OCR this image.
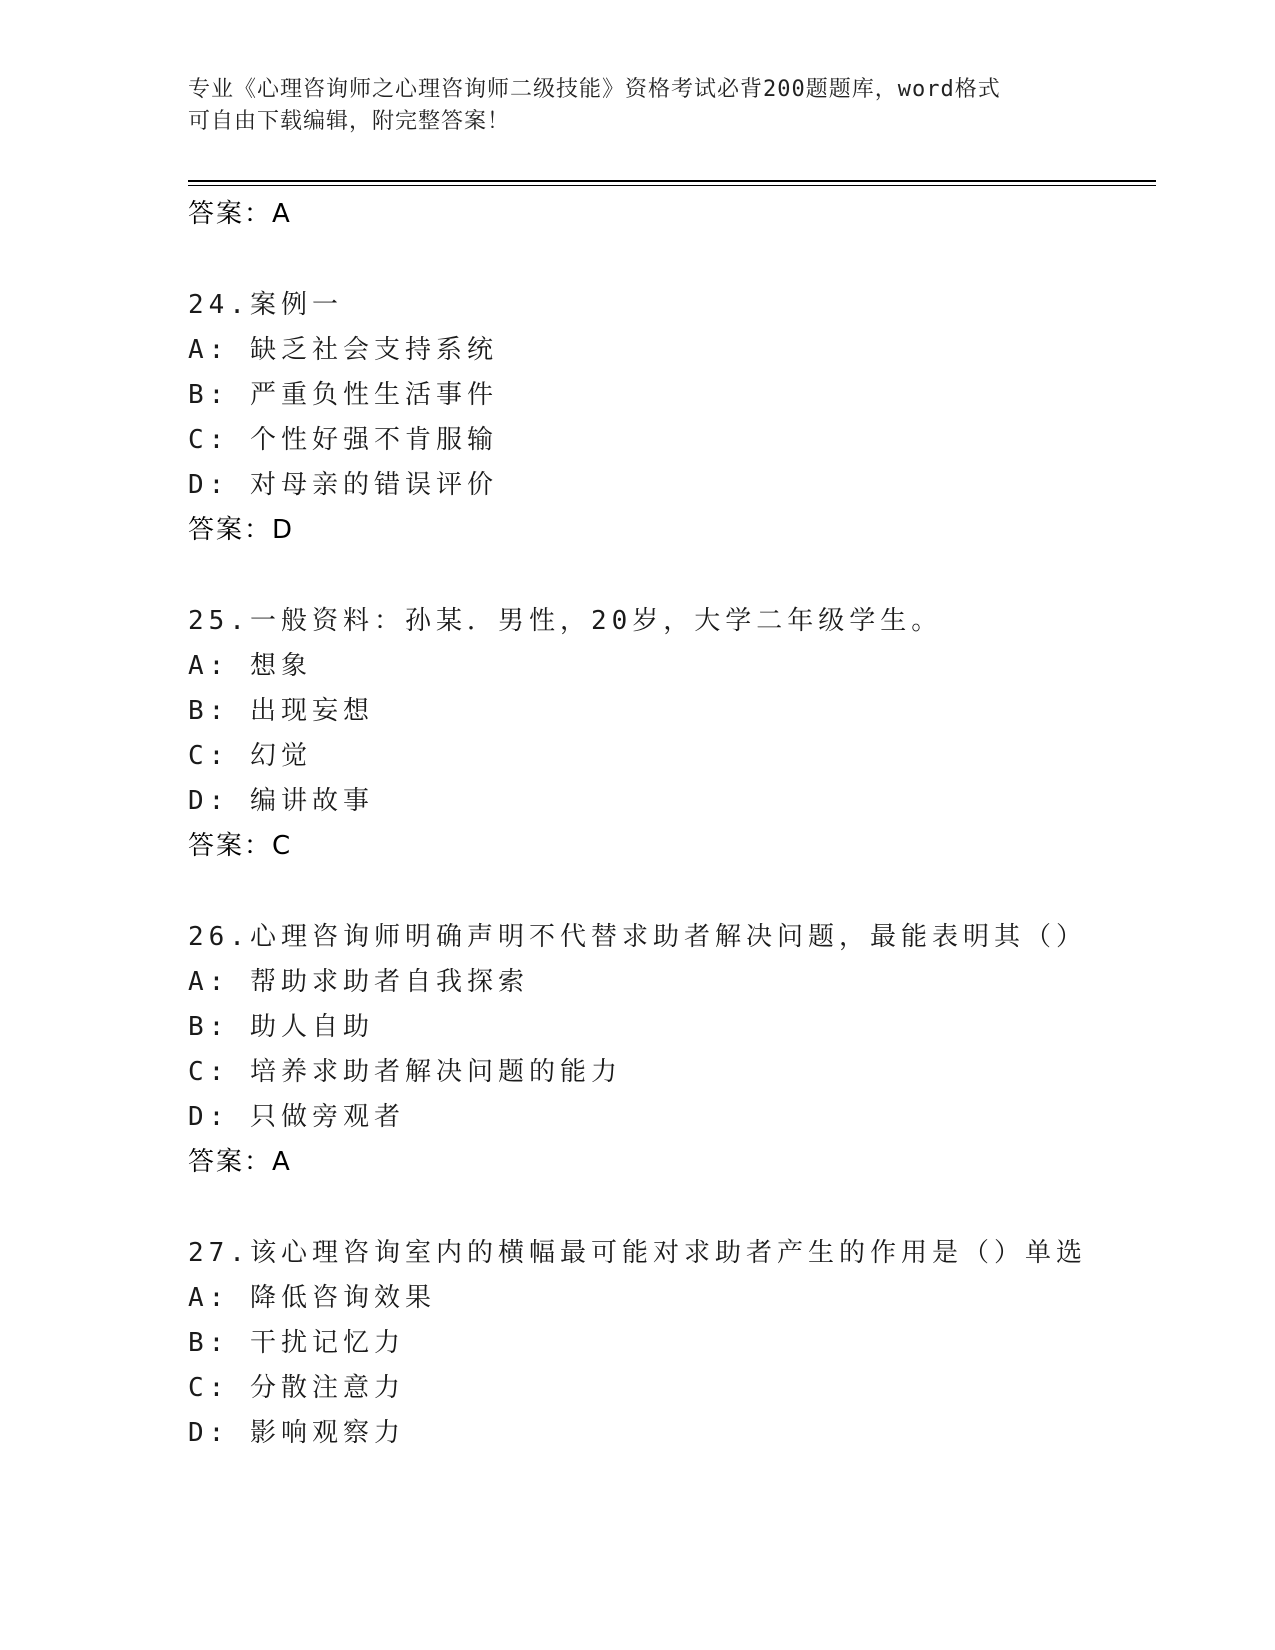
专业《心理咨询师之心理咨询师二级技能》资格考试必背200题题库，word格式
可自由下载编辑，附完整答案！
答案：A
24.案例一
A: 缺乏社会支持系统
B: 严重负性生活事件
C: 个性好强不肯服输
D: 对母亲的错误评价
答案：D
25.一般资料：孙某．男性，20岁，大学二年级学生。
A: 想象
B: 出现妄想
C: 幻觉
D: 编讲故事
答案：C
26.心理咨询师明确声明不代替求助者解决问题，最能表明其（）
A: 帮助求助者自我探索
B: 助人自助
C: 培养求助者解决问题的能力
D: 只做旁观者
答案：A
27.该心理咨询室内的横幅最可能对求助者产生的作用是（）单选
A: 降低咨询效果
B: 干扰记忆力
C: 分散注意力
D: 影响观察力
